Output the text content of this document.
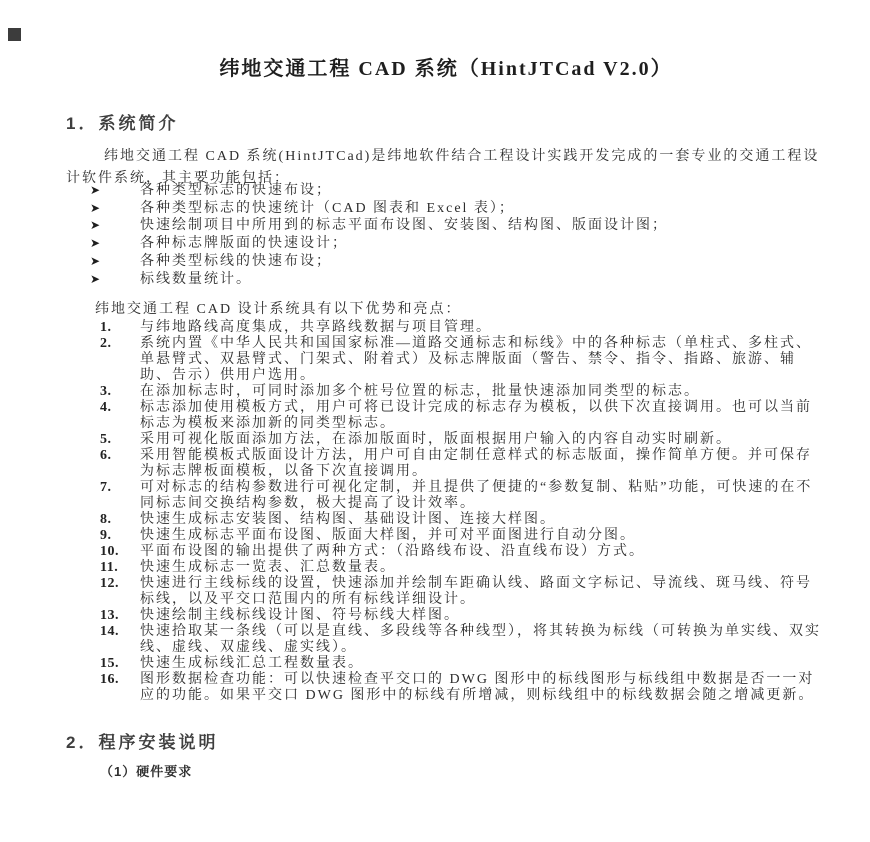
纬地交通工程 CAD 系统（HintJTCad V2.0）
1．系统简介

纬地交通工程 CAD 系统(HintJTCad)是纬地软件结合工程设计实践开发完成的一套专业的交通工程设计软件系统，其主要功能包括：

➤	各种类型标志的快速布设；
➤	各种类型标志的快速统计（CAD 图表和 Excel 表）；
➤	快速绘制项目中所用到的标志平面布设图、安装图、结构图、版面设计图；
➤	各种标志牌版面的快速设计；
➤	各种类型标线的快速布设；
➤	标线数量统计。

纬地交通工程 CAD 设计系统具有以下优势和亮点：

1.	与纬地路线高度集成，共享路线数据与项目管理。
2.	系统内置《中华人民共和国国家标准—道路交通标志和标线》中的各种标志（单柱式、多柱式、单悬臂式、双悬臂式、门架式、附着式）及标志牌版面（警告、禁令、指令、指路、旅游、辅助、告示）供用户选用。
3.	在添加标志时，可同时添加多个桩号位置的标志，批量快速添加同类型的标志。
4.	标志添加使用模板方式，用户可将已设计完成的标志存为模板，以供下次直接调用。也可以当前标志为模板来添加新的同类型标志。
5.	采用可视化版面添加方法，在添加版面时，版面根据用户输入的内容自动实时刷新。
6.	采用智能模板式版面设计方法，用户可自由定制任意样式的标志版面，操作简单方便。并可保存为标志牌板面模板，以备下次直接调用。
7.	可对标志的结构参数进行可视化定制，并且提供了便捷的“参数复制、粘贴”功能，可快速的在不同标志间交换结构参数，极大提高了设计效率。
8.	快速生成标志安装图、结构图、基础设计图、连接大样图。
9.	快速生成标志平面布设图、版面大样图，并可对平面图进行自动分图。
10.	平面布设图的输出提供了两种方式：（沿路线布设、沿直线布设）方式。
11.	快速生成标志一览表、汇总数量表。
12.	快速进行主线标线的设置，快速添加并绘制车距确认线、路面文字标记、导流线、斑马线、符号标线，以及平交口范围内的所有标线详细设计。
13.	快速绘制主线标线设计图、符号标线大样图。
14.	快速拾取某一条线（可以是直线、多段线等各种线型），将其转换为标线（可转换为单实线、双实线、虚线、双虚线、虚实线）。
15.	快速生成标线汇总工程数量表。
16.	图形数据检查功能：可以快速检查平交口的 DWG 图形中的标线图形与标线组中数据是否一一对应的功能。如果平交口 DWG 图形中的标线有所增减，则标线组中的标线数据会随之增减更新。
2．程序安装说明

（1）硬件要求
